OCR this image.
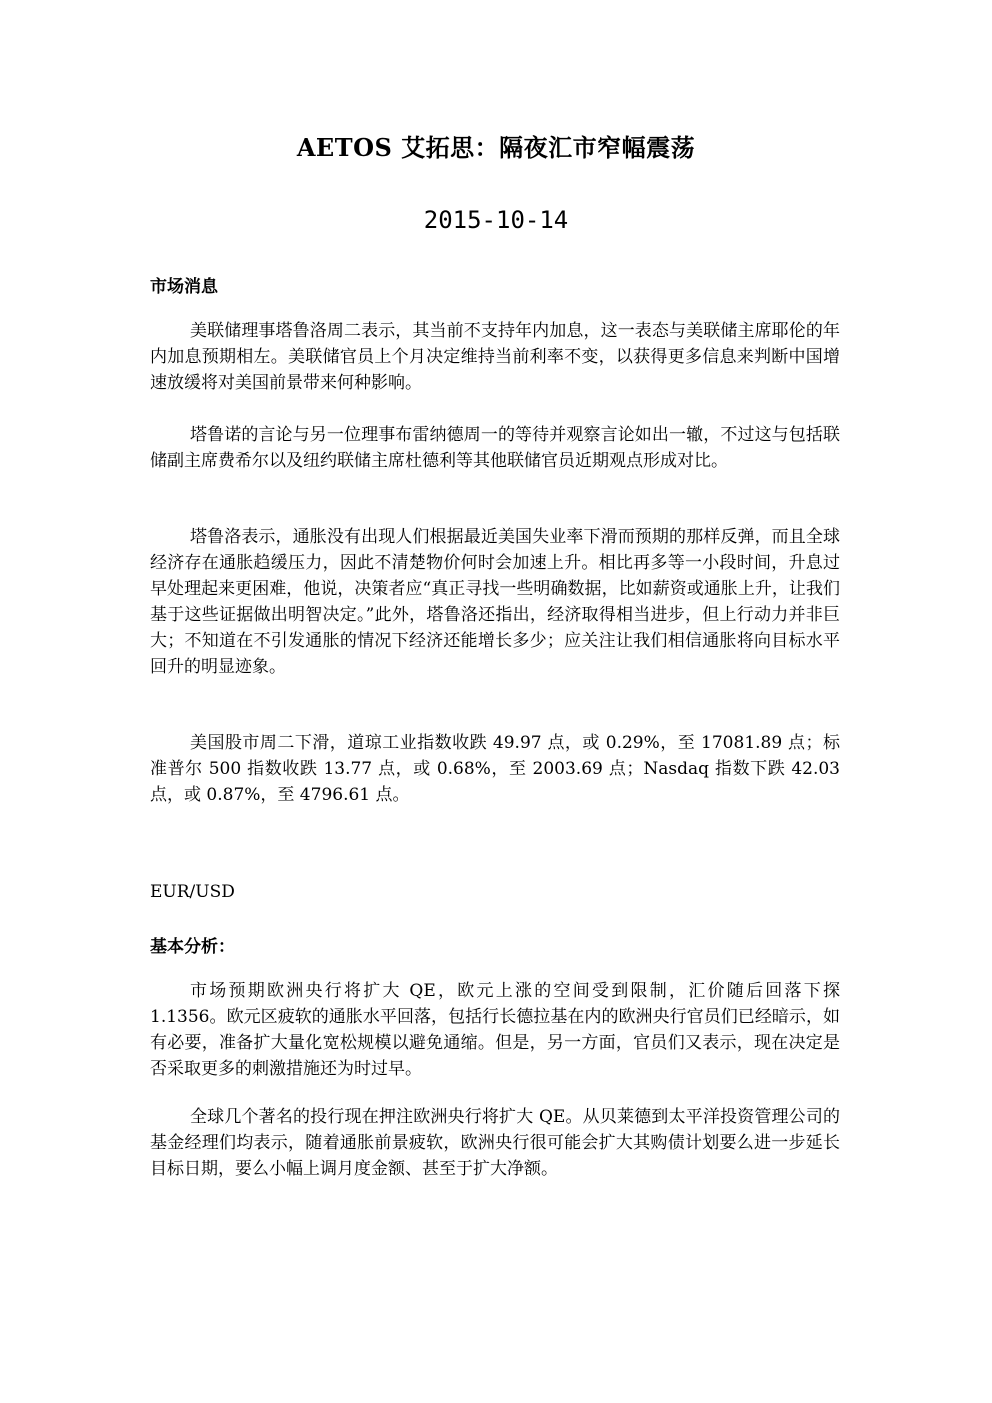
AETOS 艾拓思：隔夜汇市窄幅震荡
2015-10-14
市场消息
美联储理事塔鲁洛周二表示，其当前不支持年内加息，这一表态与美联储主席耶伦的年内加息预期相左。美联储官员上个月决定维持当前利率不变，以获得更多信息来判断中国增速放缓将对美国前景带来何种影响。
塔鲁诺的言论与另一位理事布雷纳德周一的等待并观察言论如出一辙，不过这与包括联储副主席费希尔以及纽约联储主席杜德利等其他联储官员近期观点形成对比。
塔鲁洛表示，通胀没有出现人们根据最近美国失业率下滑而预期的那样反弹，而且全球经济存在通胀趋缓压力，因此不清楚物价何时会加速上升。相比再多等一小段时间，升息过早处理起来更困难，他说，决策者应“真正寻找一些明确数据，比如薪资或通胀上升，让我们基于这些证据做出明智决定。”此外，塔鲁洛还指出，经济取得相当进步，但上行动力并非巨大；不知道在不引发通胀的情况下经济还能增长多少；应关注让我们相信通胀将向目标水平回升的明显迹象。
美国股市周二下滑，道琼工业指数收跌 49.97 点，或 0.29%，至 17081.89 点；标准普尔 500 指数收跌 13.77 点，或 0.68%，至 2003.69 点；Nasdaq 指数下跌 42.03 点，或 0.87%，至 4796.61 点。
EUR/USD
基本分析：
市场预期欧洲央行将扩大 QE，欧元上涨的空间受到限制，汇价随后回落下探 1.1356。欧元区疲软的通胀水平回落，包括行长德拉基在内的欧洲央行官员们已经暗示，如有必要，准备扩大量化宽松规模以避免通缩。但是，另一方面，官员们又表示，现在决定是否采取更多的刺激措施还为时过早。
全球几个著名的投行现在押注欧洲央行将扩大 QE。从贝莱德到太平洋投资管理公司的基金经理们均表示，随着通胀前景疲软，欧洲央行很可能会扩大其购债计划要么进一步延长目标日期，要么小幅上调月度金额、甚至于扩大净额。
